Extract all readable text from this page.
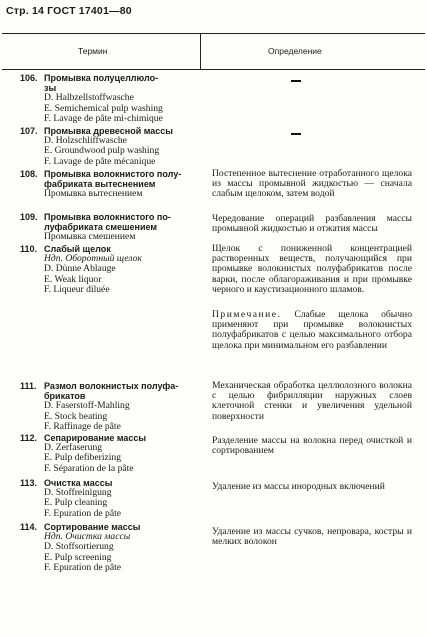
Стр. 14 ГОСТ 17401—80
Термин	Определение
106. Промывка полуцеллюло-
зы
D. Halbzellstoffwasche
E. Semichemical pulp washing
F. Lavage de pâte mi-chimique
107. Промывка древесной массы
D. Holzschliffwasche
E. Groundwood pulp washing
F. Lavage de pâte mécanique
108. Промывка волокнистого полу-
фабриката вытеснением
Промывка вытеснением
Постепенное вытеснение отработанного щелока из массы промывной жидкостью — сначала слабым щелоком, затем водой
109. Промывка волокнистого по-
луфабриката смешением
Промывка смешением
Чередование операций разбавления массы промывной жидкостью и отжатия массы
110. Слабый щелок
Ндп. Оборотный щелок
D. Dünne Ablauge
E. Weak liquor
F. Liqueur diluée
Щелок с пониженной концентрацией растворенных веществ, получающийся при промывке волокнистых полуфабрикатов после варки, после облагораживания и при промывке черного и каустизационного шламов.
Примечание. Слабые щелока обычно применяют при промывке волокнистых полуфабрикатов с целью максимального отбора щелока при минимальном его разбавлении
111. Размол волокнистых полуфа-
брикатов
D. Faserstoff-Mahling
E. Stock beating
F. Raffinage de pâte
Механическая обработка целлюлозного волокна с целью фибрилляции наружных слоев клеточной стенки и увеличения удельной поверхности
112. Сепарирование массы
D. Zerfaserung
E. Pulp defiberizing
F. Séparation de la pâte
Разделение массы на волокна перед очисткой и сортированием
113. Очистка массы
D. Stoffreinigung
E. Pulp cleaning
F. Epuration de pâte
Удаление из массы инородных включений
114. Сортирование массы
Ндп. Очистка массы
D. Stoffsortierung
E. Pulp screening
F. Epuration de pâte
Удаление из массы сучков, непровара, костры и мелких волокон
